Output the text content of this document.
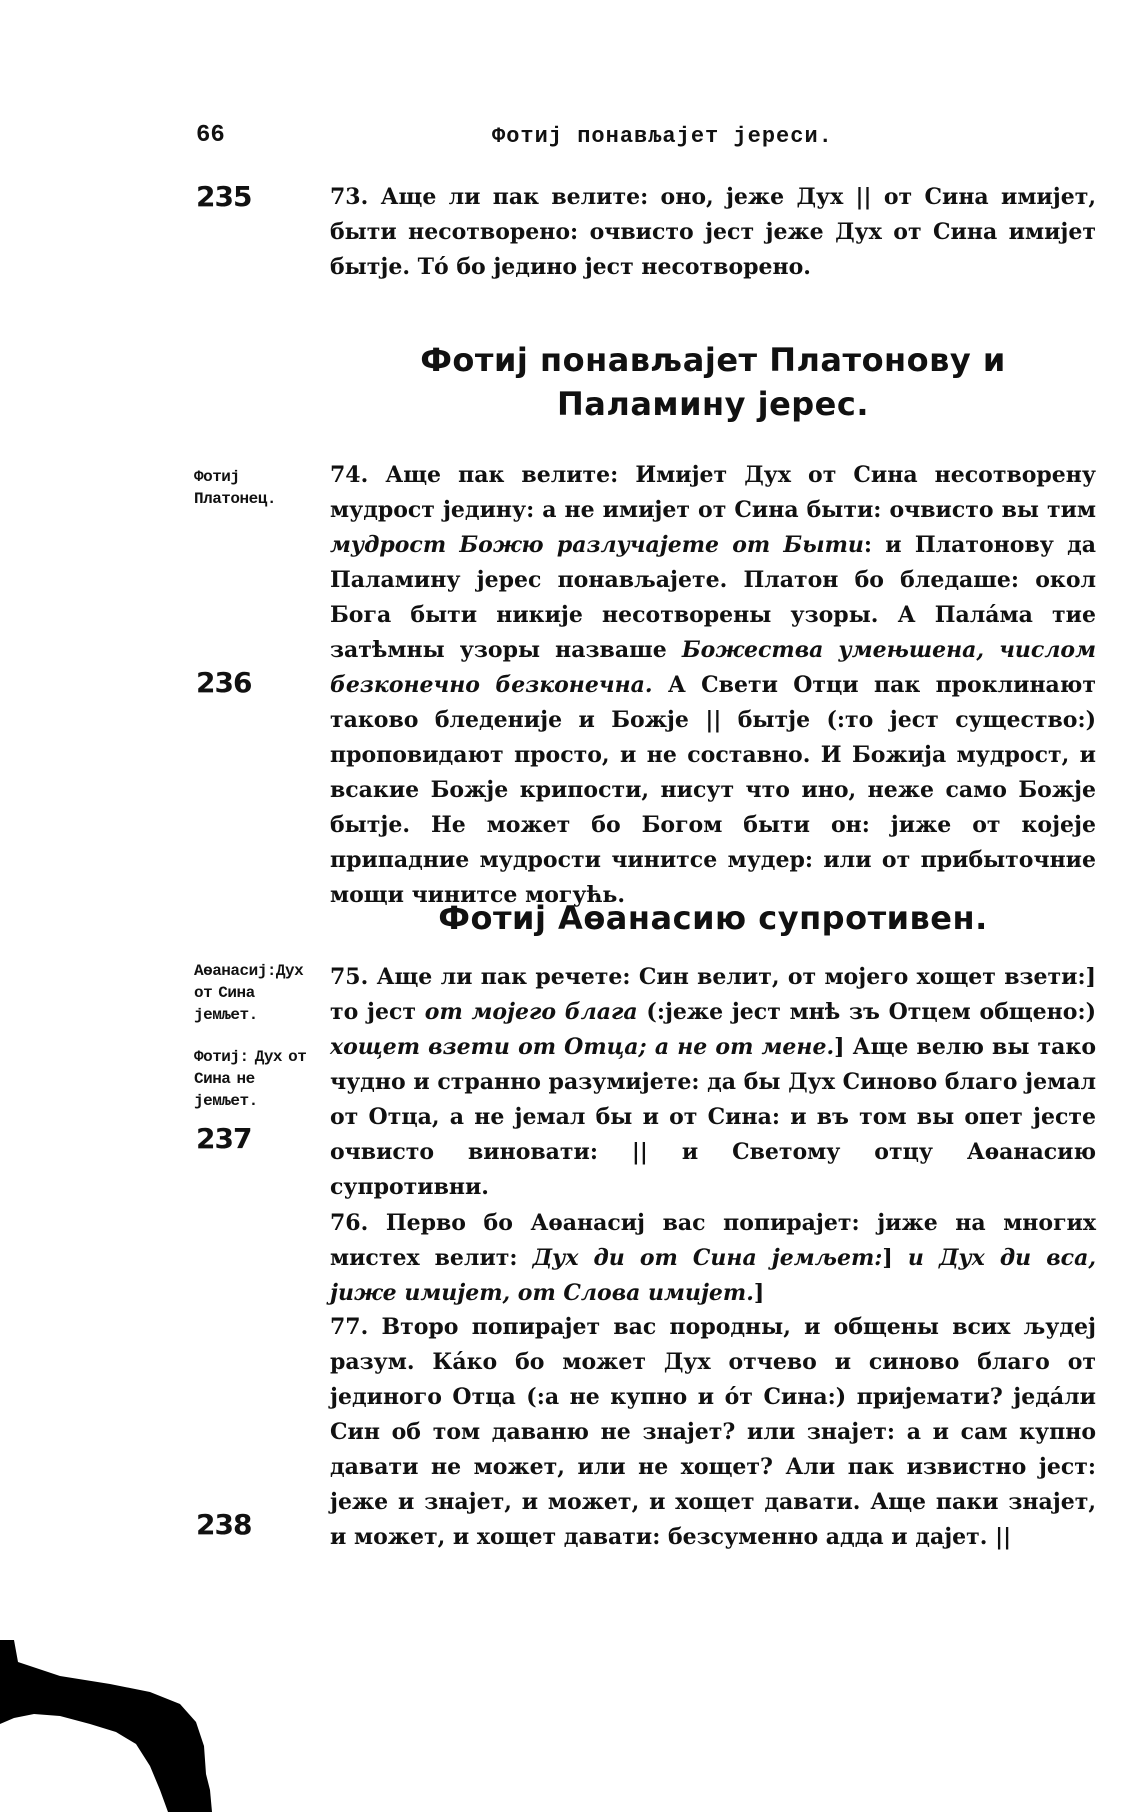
66	Фотиј понављајет јереси.
235
236
237
238
Фотиј Платонец.
Аѳанасиј:Дух от Сина јемљет.
Фотиј: Дух от Сина не јемљет.

73. Аще ли пак велите: оно, јеже Дух || от Сина имијет, быти несотворено: очвисто јест јеже Дух от Сина имијет бытје. Тó бо једино јест несотворено.

Фотиј понављајет Платонову и Паламину јерес.

74. Аще пак велите: Имијет Дух от Сина несотворену мудрост једину: а не имијет от Сина быти: очвисто вы тим мудрост Божю разлучајете от Быти: и Платонову да Паламину јерес понављајете. Платон бо бледаше: окол Бога быти никије несотворены узоры. А Палáма тие затѣмны узоры назваше Божества умењшена, числом безконечно безконечна. А Свети Отци пак проклинают таково бледеније и Божје || бытје (:то јест существо:) проповидают просто, и не составно. И Божија мудрост, и всакие Божје крипости, нисут что ино, неже само Божје бытје. Не может бо Богом быти он: јиже от којеје припадние мудрости чинитсе мудер: или от прибыточние мощи чинитсе могућь.

Фотиј Аѳанасию супротивен.

75. Аще ли пак речете: Син велит, от мојего хощет взети:] то јест от мојего блага (:јеже јест мнѣ зъ Отцем общено:) хощет взети от Отца; а не от мене.] Аще велю вы тако чудно и странно разумијете: да бы Дух Синово благо јемал от Отца, а не јемал бы и от Сина: и въ том вы опет јесте очвисто виновати: || и Светому отцу Аѳанасию супротивни.

76. Перво бо Аѳанасиј вас попирајет: јиже на многих мистех велит: Дух ди от Сина јемљет:] и Дух ди вса, јиже имијет, от Слова имијет.]

77. Второ попирајет вас породны, и общены всих људеј разум. Кáко бо может Дух отчево и синово благо от јединого Отца (:а не купно и óт Сина:) пријемати? једáли Син об том даваню не знајет? или знајет: а и сам купно давати не может, или не хощет? Али пак извистно јест: јеже и знајет, и может, и хощет давати. Аще паки знајет, и может, и хощет давати: безсуменно адда и дајет. ||
